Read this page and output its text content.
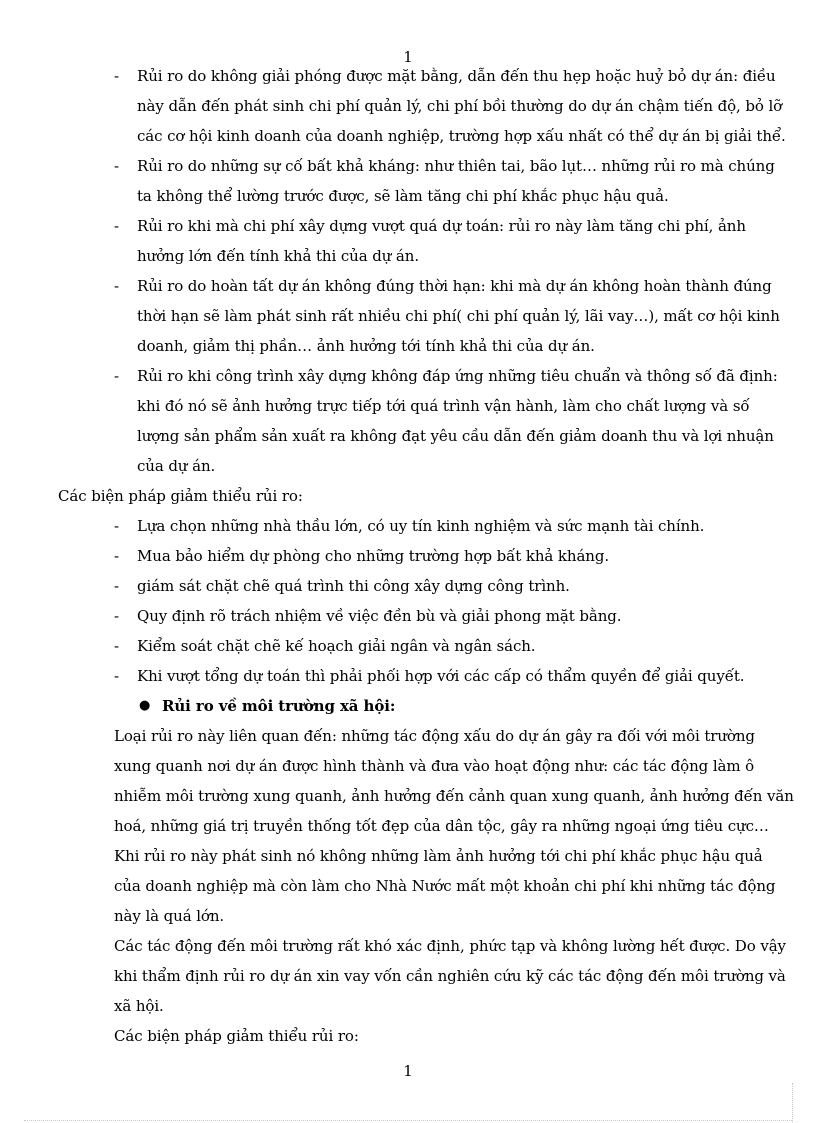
1
Rủi ro do không giải phóng được mặt bằng, dẫn đến thu hẹp hoặc huỷ bỏ dự án: điều
-
này dẫn đến phát sinh chi phí quản lý, chi phí bồi thường do dự án chậm tiến độ, bỏ lỡ
các cơ hội kinh doanh của doanh nghiệp, trường hợp xấu nhất có thể dự án bị giải thể.
Rủi ro do những sự cố bất khả kháng: như thiên tai, bão lụt… những rủi ro mà chúng
-
ta không thể lường trước được, sẽ làm tăng chi phí khắc phục hậu quả.
Rủi ro khi mà chi phí xây dựng vượt quá dự toán: rủi ro này làm tăng chi phí, ảnh
-
hưởng lớn đến tính khả thi của dự án.
Rủi ro do hoàn tất dự án không đúng thời hạn: khi mà dự án không hoàn thành đúng
-
thời hạn sẽ làm phát sinh rất nhiều chi phí( chi phí quản lý, lãi vay…), mất cơ hội kinh
doanh, giảm thị phần… ảnh hưởng tới tính khả thi của dự án.
Rủi ro khi công trình xây dựng không đáp ứng những tiêu chuẩn và thông số đã định:
-
khi đó nó sẽ ảnh hưởng trực tiếp tới quá trình vận hành, làm cho chất lượng và số
lượng sản phẩm sản xuất ra không đạt yêu cầu dẫn đến giảm doanh thu và lợi nhuận
của dự án.
Các biện pháp giảm thiểu rủi ro:
Lựa chọn những nhà thầu lớn, có uy tín kinh nghiệm và sức mạnh tài chính.
-
Mua bảo hiểm dự phòng cho những trường hợp bất khả kháng.
-
giám sát chặt chẽ quá trình thi công xây dựng công trình.
-
Quy định rõ trách nhiệm về việc đền bù và giải phong mặt bằng.
-
Kiểm soát chặt chẽ kế hoạch giải ngân và ngân sách.
-
Khi vượt tổng dự toán thì phải phối hợp với các cấp có thẩm quyền để giải quyết.
-
Rủi ro về môi trường xã hội:
●
Loại rủi ro này liên quan đến: những tác động xấu do dự án gây ra đối với môi trường
xung quanh nơi dự án được hình thành và đưa vào hoạt động như: các tác động làm ô
nhiễm môi trường xung quanh, ảnh hưởng đến cảnh quan xung quanh, ảnh hưởng đến văn
hoá, những giá trị truyền thống tốt đẹp của dân tộc, gây ra những ngoại ứng tiêu cực…
Khi rủi ro này phát sinh nó không những làm ảnh hưởng tới chi phí khắc phục hậu quả
của doanh nghiệp mà còn làm cho Nhà Nước mất một khoản chi phí khi những tác động
này là quá lớn.
Các tác động đến môi trường rất khó xác định, phức tạp và không lường hết được. Do vậy
khi thẩm định rủi ro dự án xin vay vốn cần nghiên cứu kỹ các tác động đến môi trường và
xã hội.
Các biện pháp giảm thiểu rủi ro:
1
